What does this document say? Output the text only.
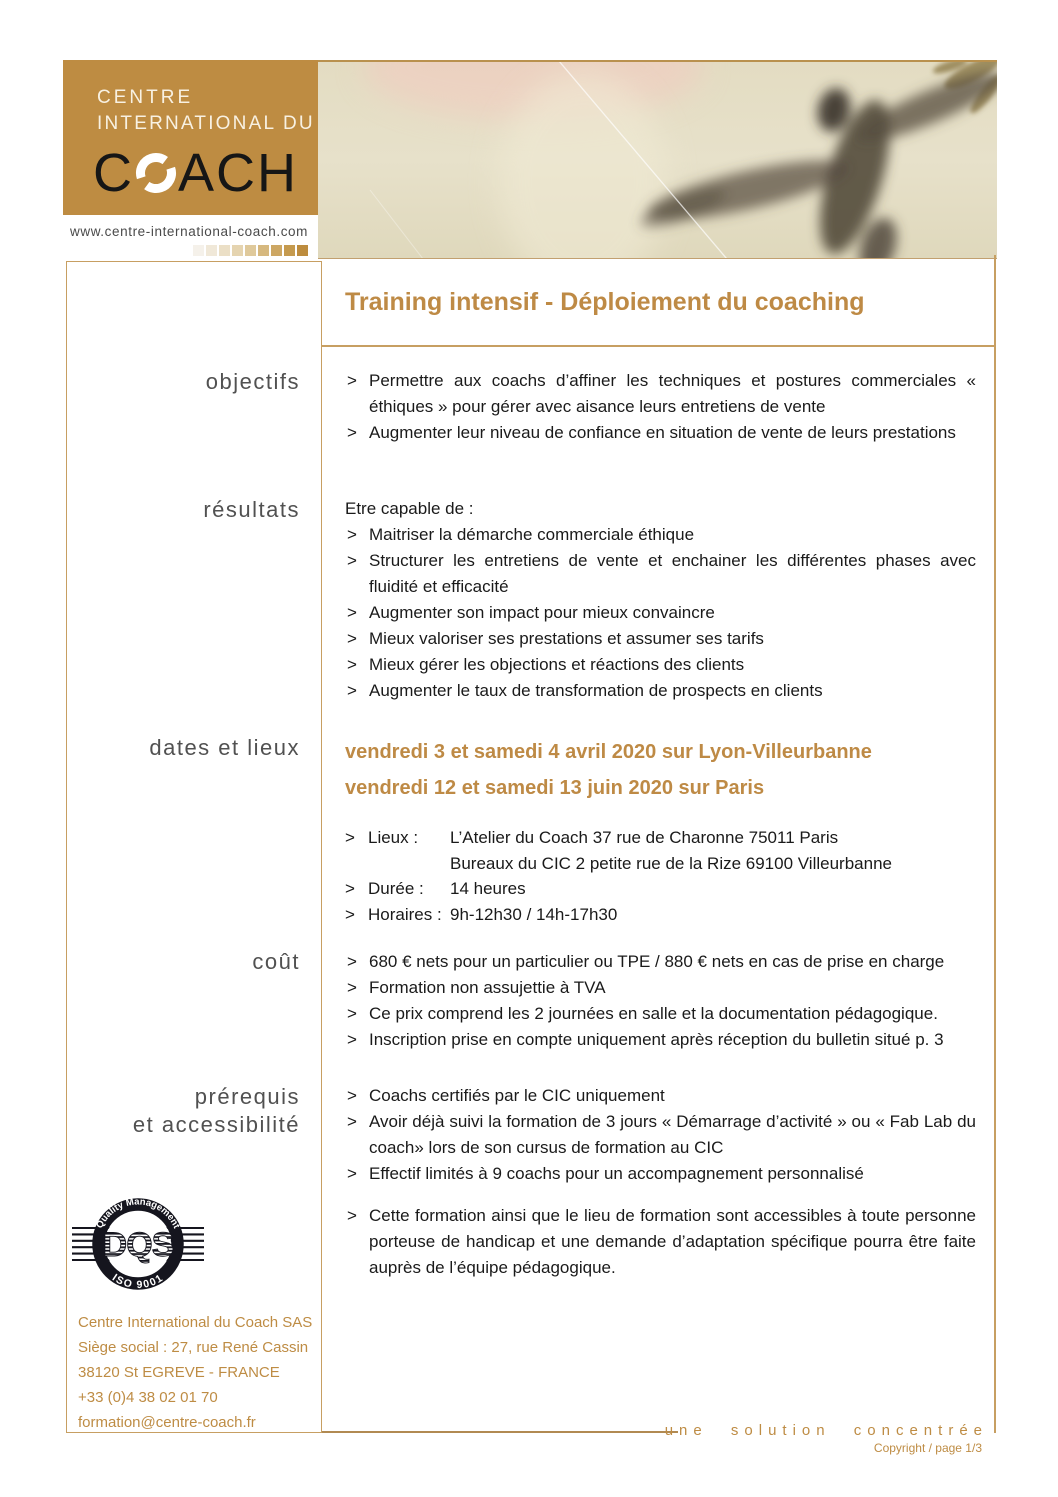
CENTRE
INTERNATIONAL DU
C ACH
www.centre-international-coach.com
objectifs
résultats
dates et lieux
coût
prérequis
et accessibilité
Quality Management
ISO 9001
DQS
Centre International du Coach SAS
Siège social : 27, rue René Cassin
38120 St EGREVE - FRANCE
+33 (0)4 38 02 01 70
formation@centre-coach.fr
Training intensif - Déploiement du coaching
> Permettre aux coachs d’affiner les techniques et postures commerciales « éthiques » pour gérer avec aisance leurs entretiens de vente
> Augmenter leur niveau de confiance en situation de vente de leurs prestations

Etre capable de :

> Maitriser la démarche commerciale éthique
> Structurer les entretiens de vente et enchainer les différentes phases avec fluidité et efficacité
> Augmenter son impact pour mieux convaincre
> Mieux valoriser ses prestations et assumer ses tarifs
> Mieux gérer les objections et réactions des clients
> Augmenter le taux de transformation de prospects en clients
vendredi 3 et samedi 4 avril 2020 sur Lyon-Villeurbanne
vendredi 12 et samedi 13 juin 2020 sur Paris
> Lieux :	L’Atelier du Coach 37 rue de Charonne 75011 Paris
Bureaux du CIC 2 petite rue de la Rize 69100 Villeurbanne
> Durée :	14 heures
> Horaires : 9h-12h30 / 14h-17h30
> 680 € nets pour un particulier ou TPE / 880 € nets en cas de prise en charge
> Formation non assujettie à TVA
> Ce prix comprend les 2 journées en salle et la documentation pédagogique.
> Inscription prise en compte uniquement après réception du bulletin situé p. 3
> Coachs certifiés par le CIC uniquement
> Avoir déjà suivi la formation de 3 jours « Démarrage d’activité » ou « Fab Lab du coach» lors de son cursus de formation au CIC
> Effectif limités à 9 coachs pour un accompagnement personnalisé
> Cette formation ainsi que le lieu de formation sont accessibles à toute personne porteuse de handicap et une demande d’adaptation spécifique pourra être faite auprès de l’équipe pédagogique.
une solution concentrée
Copyright / page 1/3
